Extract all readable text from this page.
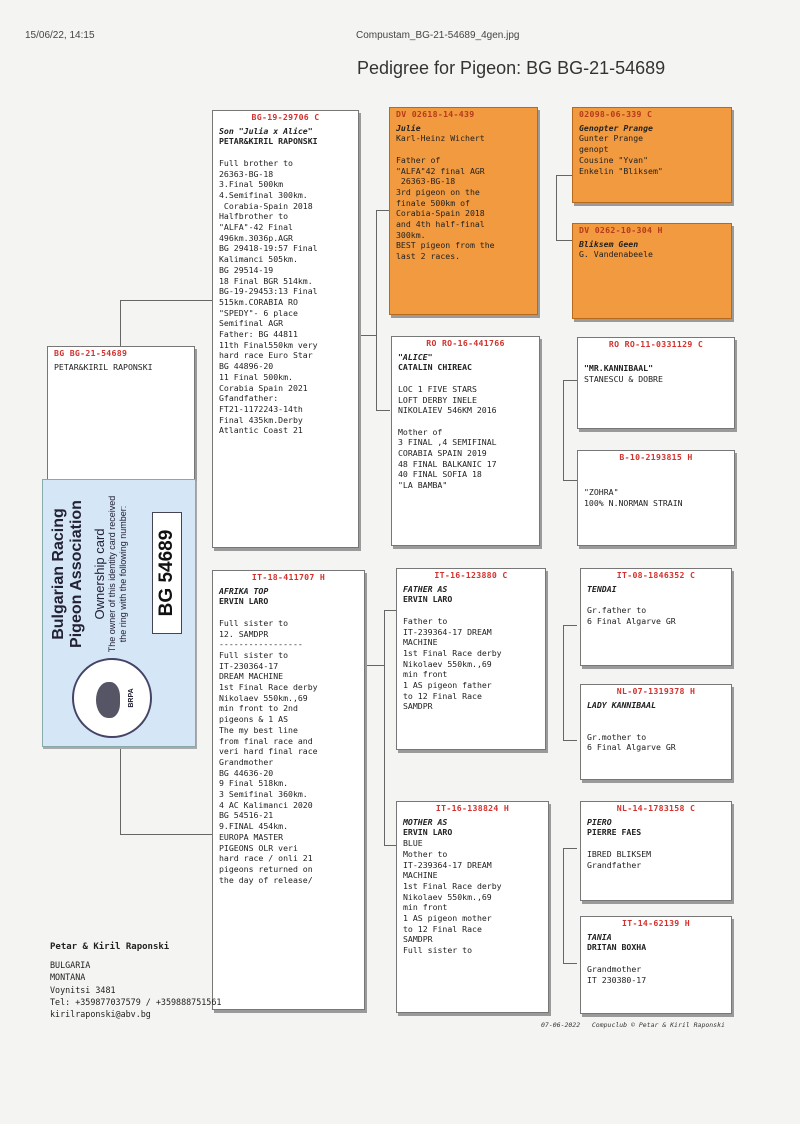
15/06/22, 14:15	Compustam_BG-21-54689_4gen.jpg
Pedigree for Pigeon: BG BG-21-54689
BG BG-21-54689
PETAR&KIRIL RAPONSKI
BG-19-29706 C
Son "Julia x Alice"
PETAR&KIRIL RAPONSKI
Full brother to
26363-BG-18
3.Final 500km
4.Semifinal 300km.
Corabia-Spain 2018
Halfbrother to
"ALFA"-42 Final
496km.3036p.AGR
BG 29418-19:57 Final
Kalimanci 505km.
BG 29514-19
18 Final BGR 514km.
BG-19-29453:13 Final
515km.CORABIA RO
"SPEDY"- 6 place
Semifinal AGR
Father: BG 44811
11th Final550km very
hard race Euro Star
BG 44896-20
11 Final 500km.
Corabia Spain 2021
Gfandfather:
FT21-1172243-14th
Final 435km.Derby
Atlantic Coast 21
IT-18-411707 H
AFRIKA TOP
ERVIN LARO
Full sister to
12. SAMDPR
-----------------
Full sister to
IT-230364-17
DREAM MACHINE
1st Final Race derby
Nikolaev 550km.,69
min front to 2nd
pigeons & 1 AS
The my best line
from final race and
veri hard final race
Grandmother
BG 44636-20
9 Final 518km.
3 Semifinal 360km.
4 AC Kalimanci 2020
BG 54516-21
9.FINAL 454km.
EUROPA MASTER
PIGEONS OLR veri
hard race / onli 21
pigeons returned on
the day of release/
DV 02618-14-439
Julie
Karl-Heinz Wichert
Father of
"ALFA"42 final AGR
26363-BG-18
3rd pigeon on the
finale 500km of
Corabia-Spain 2018
and 4th half-final
300km.
BEST pigeon from the
last 2 races.
RO RO-16-441766
"ALICE"
CATALIN CHIREAC
LOC 1 FIVE STARS
LOFT DERBY INELE
NIKOLAIEV 546KM 2016
Mother of
3 FINAL ,4 SEMIFINAL
CORABIA SPAIN 2019
48 FINAL BALKANIC 17
40 FINAL SOFIA 18
"LA BAMBA"
IT-16-123880 C
FATHER AS
ERVIN LARO
Father to
IT-239364-17 DREAM
MACHINE
1st Final Race derby
Nikolaev 550km.,69
min front
1 AS pigeon father
to 12 Final Race
SAMDPR
IT-16-138824 H
MOTHER AS
ERVIN LARO
BLUE
Mother to
IT-239364-17 DREAM
MACHINE
1st Final Race derby
Nikolaev 550km.,69
min front
1 AS pigeon mother
to 12 Final Race
SAMDPR
Full sister to
02098-06-339 C
Genopter Prange
Gunter Prange
genopt
Cousine "Yvan"
Enkelin "Bliksem"
DV 0262-10-304 H
Bliksem Geen
G. Vandenabeele
RO RO-11-0331129 C
"MR.KANNIBAAL"
STANESCU & DOBRE
B-10-2193815 H
"ZOHRA"
100% N.NORMAN STRAIN
IT-08-1846352 C
TENDAI
Gr.father to
6 Final Algarve GR
NL-07-1319378 H
LADY KANNIBAAL
Gr.mother to
6 Final Algarve GR
NL-14-1783158 C
PIERO
PIERRE FAES
IBRED BLIKSEM
Grandfather
IT-14-62139 H
TANIA
DRITAN BOXHA
Grandmother
IT 230380-17
BRPA
Bulgarian Racing Pigeon Association Ownership card The owner of this identity card received the ring with the following number: BG 54689
Petar & Kiril Raponski
BULGARIA
MONTANA
Voynitsi 3481
Tel: +359877037579 / +359888751561
kirilraponski@abv.bg
07-06-2022   Compuclub © Petar & Kiril Raponski
